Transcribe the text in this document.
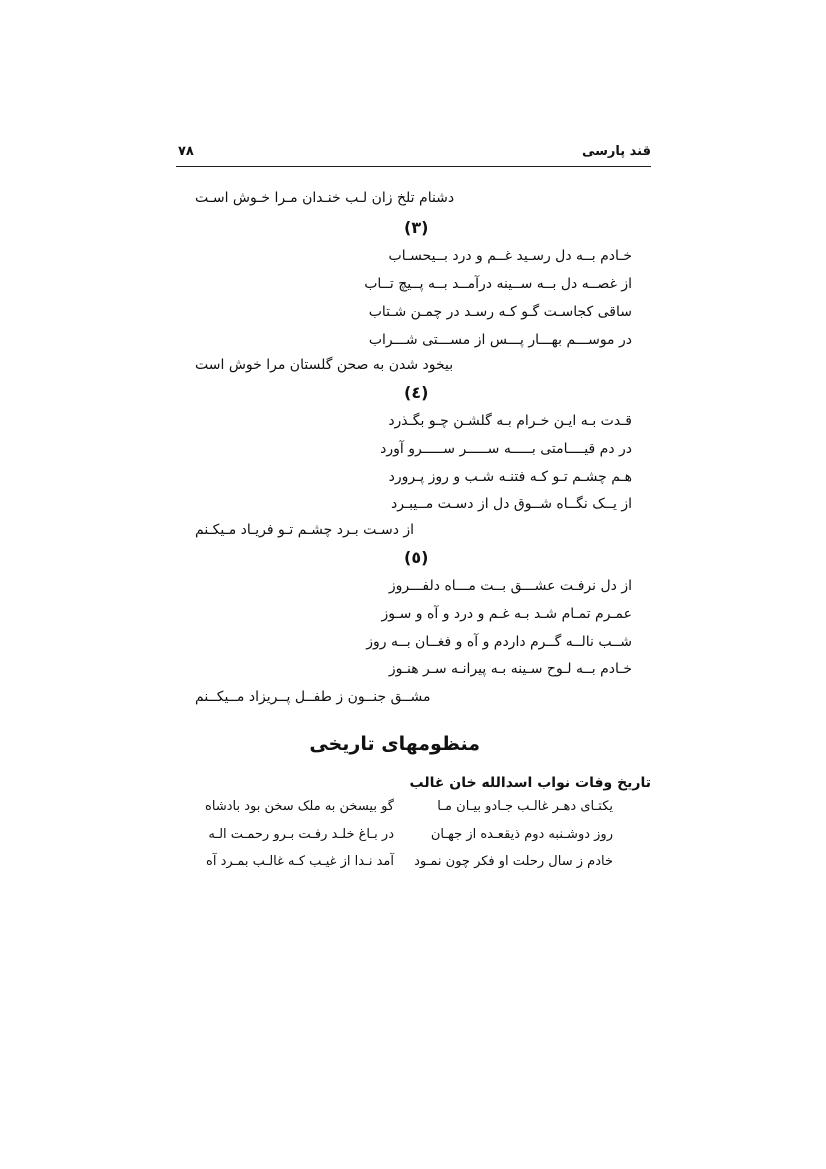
قند پارسی
۷۸
دشنام تلخ زان لـب خنـدان مـرا خـوش اسـت
(۳)
خـادم بــه دل رسـید غــم و درد بــیحسـاب
از غصــه دل بــه ســینه درآمــد بــه پــیچ تــاب
ساقی کجاسـت گـو کـه رسـد در چمـن شـتاب
در موســـم بهـــار پـــس از مســـتی شـــراب
بیخود شدن به صحن گلستان مرا خوش است
(٤)
قـدت بـه ایـن خـرام بـه گلشـن چـو بگـذرد
در دم قیــــامتی بـــــه ســـــر ســـــرو آورد
هـم چشـم تـو کـه فتنـه شـب و روز پـرورد
از یــک نگــاه شــوق دل از دسـت مــیبـرد
از دسـت بـرد چشـم تـو فریـاد مـیکـنم
(٥)
از دل نرفـت عشـــق بــت مـــاه دلفـــروز
عمـرم تمـام شـد بـه غـم و درد و آه و سـوز
شــب نالــه گــرم داردم و آه و فغــان بــه روز
خـادم بــه لـوح سـینه بـه پیرانـه سـر هنـوز
مشــق جنــون ز طفــل پــریزاد مــیکــنم
منظومهای تاریخی
تاریخ وفات نواب اسدالله خان غالب
یکتـای دهـر غالـب جـادو بیـان مـا
گو بیسخن به ملک سخن بود بادشاه
روز دوشـنبه دوم ذیقعـده از جهـان
در بـاغ خلـد رفـت بـرو رحمـت الـه
خادم ز سال رحلت او فکر چون نمـود
آمد نـدا از غیـب کـه غالـب بمـرد آه
